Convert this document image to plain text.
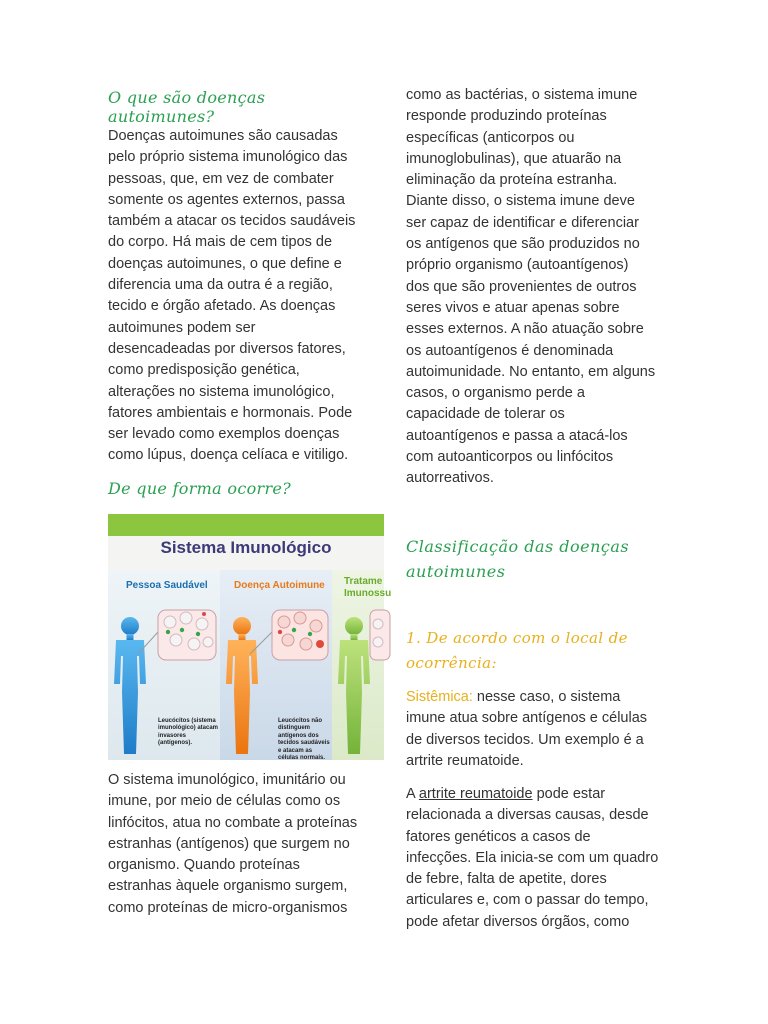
O que são doenças autoimunes?

Doenças autoimunes são causadas

pelo próprio sistema imunológico das

pessoas, que, em vez de combater

somente os agentes externos, passa

também a atacar os tecidos saudáveis

do corpo. Há mais de cem tipos de

doenças autoimunes, o que define e

diferencia uma da outra é a região,

tecido e órgão afetado. As doenças

autoimunes podem ser

desencadeadas por diversos fatores,

como predisposição genética,

alterações no sistema imunológico,

fatores ambientais e hormonais. Pode

ser levado como exemplos doenças

como lúpus, doença celíaca e vitiligo.

De que forma ocorre?

O sistema imunológico, imunitário ou

imune, por meio de células como os

linfócitos, atua no combate a proteínas

estranhas (antígenos) que surgem no

organismo. Quando proteínas

estranhas àquele organismo surgem,

como proteínas de micro-organismos

Sistema Imunológico
Pessoa Saudável
Leucócitos (sistema imunológico) atacam invasores (antígenos).
Doença Autoimune
Leucócitos não distinguem antígenos dos tecidos saudáveis e atacam as células normais.
Tratame
Imunossu

como as bactérias, o sistema imune

responde produzindo proteínas

específicas (anticorpos ou

imunoglobulinas), que atuarão na

eliminação da proteína estranha.

Diante disso, o sistema imune deve

ser capaz de identificar e diferenciar

os antígenos que são produzidos no

próprio organismo (autoantígenos)

dos que são provenientes de outros

seres vivos e atuar apenas sobre

esses externos. A não atuação sobre

os autoantígenos é denominada

autoimunidade. No entanto, em alguns

casos, o organismo perde a

capacidade de tolerar os

autoantígenos e passa a atacá-los

com autoanticorpos ou linfócitos

autorreativos.

Classificação das doenças
autoimunes
1. De acordo com o local de
ocorrência:

Sistêmica: nesse caso, o sistema

imune atua sobre antígenos e células

de diversos tecidos. Um exemplo é a

artrite reumatoide.

A artrite reumatoide pode estar

relacionada a diversas causas, desde

fatores genéticos a casos de

infecções. Ela inicia-se com um quadro

de febre, falta de apetite, dores

articulares e, com o passar do tempo,

pode afetar diversos órgãos, como
